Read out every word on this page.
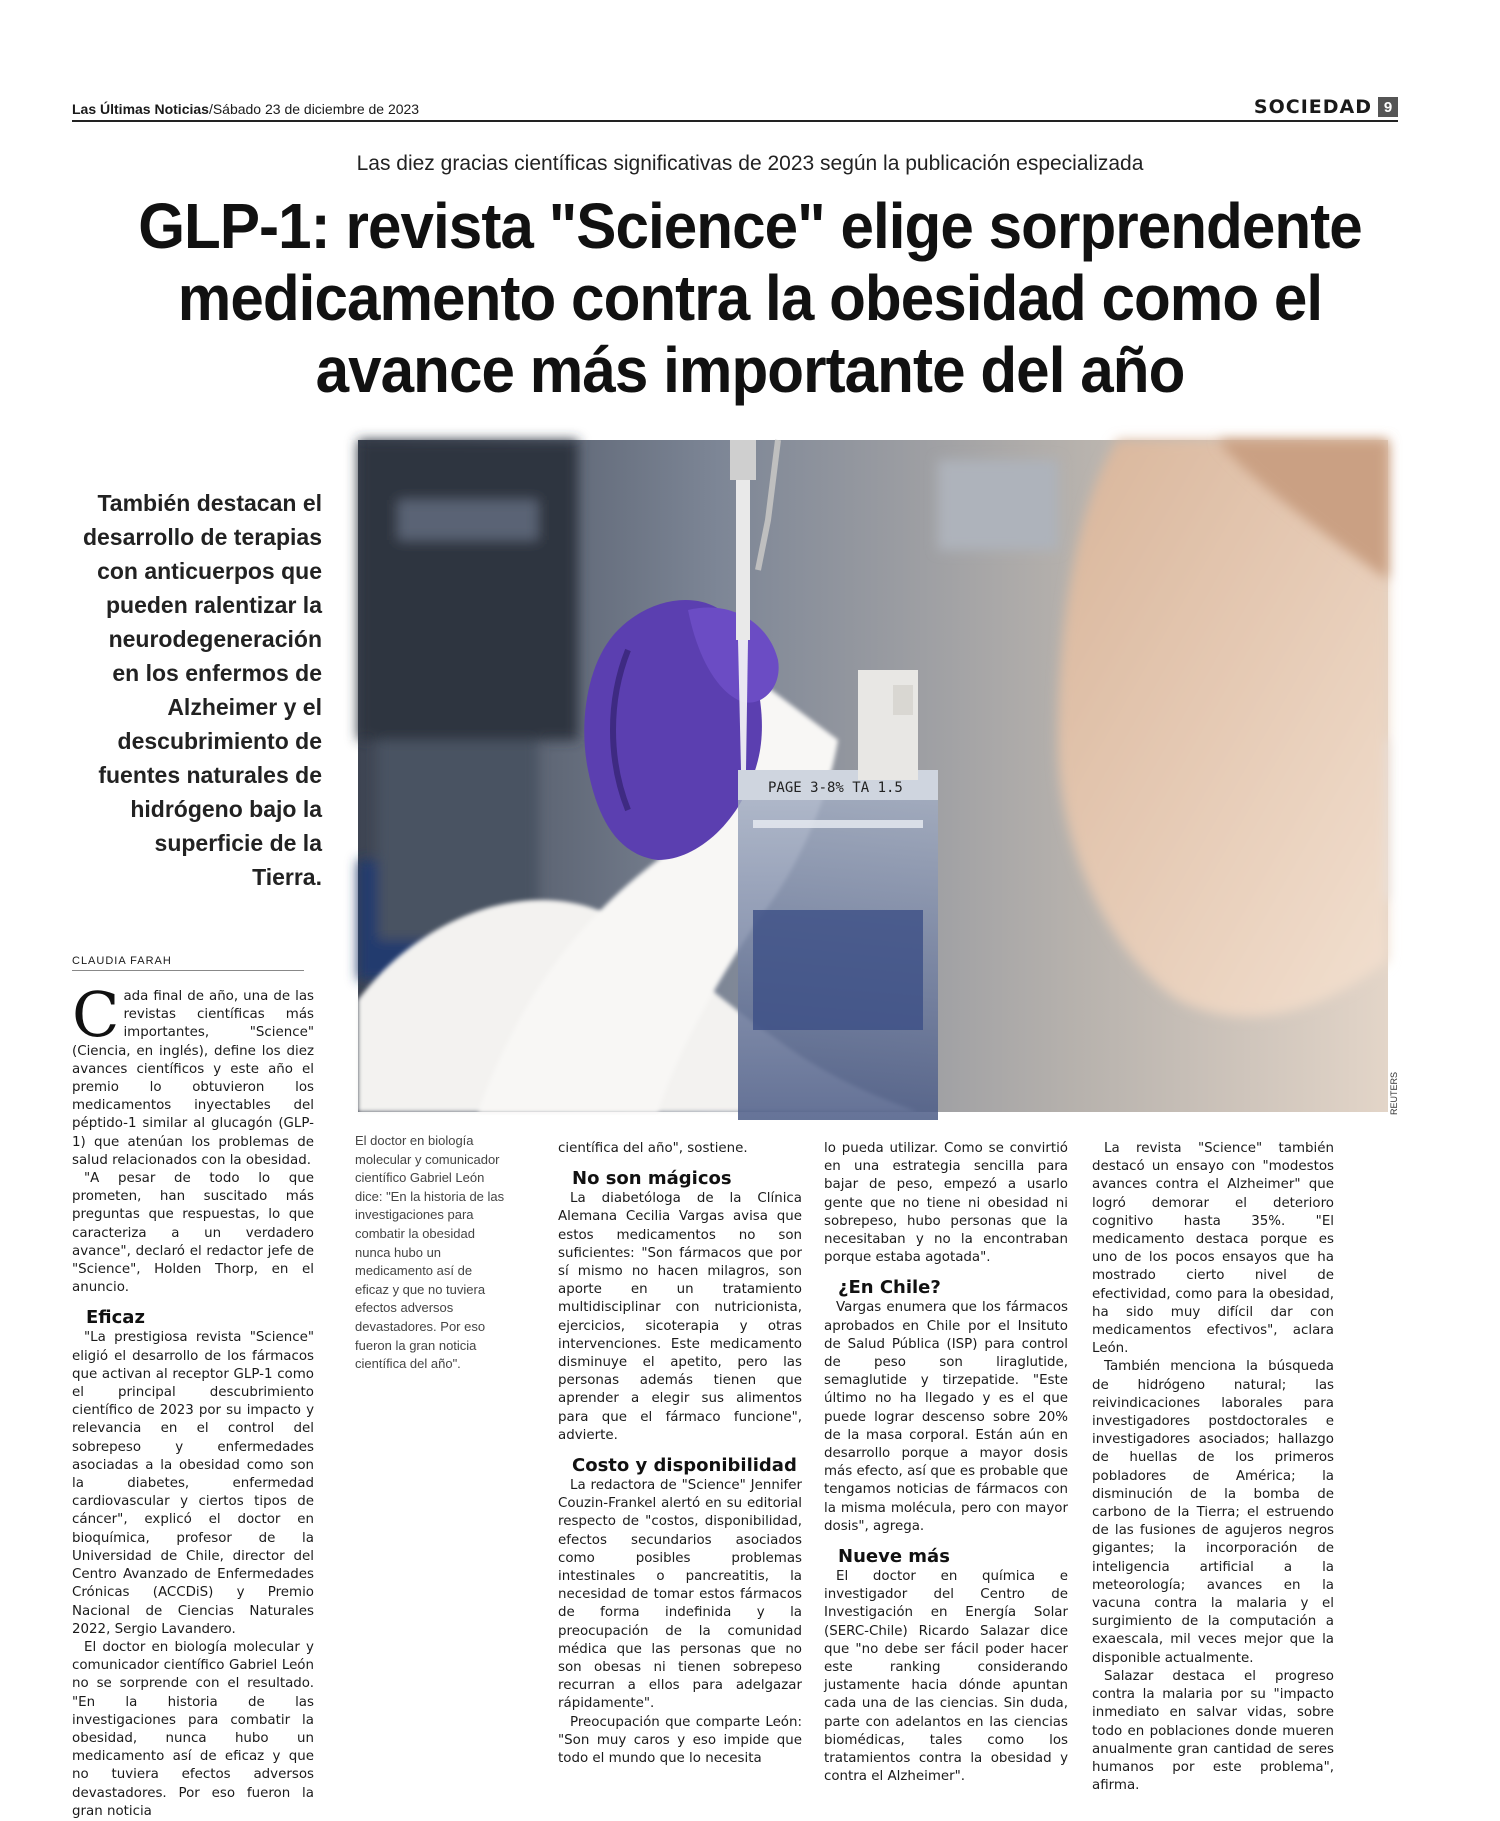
Las Últimas Noticias/Sábado 23 de diciembre de 2023	SOCIEDAD 9
Las diez gracias científicas significativas de 2023 según la publicación especializada
GLP-1: revista "Science" elige sorprendente medicamento contra la obesidad como el avance más importante del año
También destacan el desarrollo de terapias con anticuerpos que pueden ralentizar la neurodegeneración en los enfermos de Alzheimer y el descubrimiento de fuentes naturales de hidrógeno bajo la superficie de la Tierra.
PAGE 3-8% TA 1.5
REUTERS
CLAUDIA FARAH

Cada final de año, una de las revistas científicas más importantes, "Science" (Ciencia, en inglés), define los diez avances científicos y este año el premio lo obtuvieron los medicamentos inyectables del péptido-1 similar al glucagón (GLP-1) que atenúan los problemas de salud relacionados con la obesidad.

"A pesar de todo lo que prometen, han suscitado más preguntas que respuestas, lo que caracteriza a un verdadero avance", declaró el redactor jefe de "Science", Holden Thorp, en el anuncio.

Eficaz

"La prestigiosa revista "Science" eligió el desarrollo de los fármacos que activan al receptor GLP-1 como el principal descubrimiento científico de 2023 por su impacto y relevancia en el control del sobrepeso y enfermedades asociadas a la obesidad como son la diabetes, enfermedad cardiovascular y ciertos tipos de cáncer", explicó el doctor en bioquímica, profesor de la Universidad de Chile, director del Centro Avanzado de Enfermedades Crónicas (ACCDiS) y Premio Nacional de Ciencias Naturales 2022, Sergio Lavandero.

El doctor en biología molecular y comunicador científico Gabriel León no se sorprende con el resultado. "En la historia de las investigaciones para combatir la obesidad, nunca hubo un medicamento así de eficaz y que no tuviera efectos adversos devastadores. Por eso fueron la gran noticia

El doctor en biología molecular y comunicador científico Gabriel León dice: "En la historia de las investigaciones para combatir la obesidad nunca hubo un medicamento así de eficaz y que no tuviera efectos adversos devastadores. Por eso fueron la gran noticia científica del año".

científica del año", sostiene.

No son mágicos

La diabetóloga de la Clínica Alemana Cecilia Vargas avisa que estos medicamentos no son suficientes: "Son fármacos que por sí mismo no hacen milagros, son aporte en un tratamiento multidisciplinar con nutricionista, ejercicios, sicoterapia y otras intervenciones. Este medicamento disminuye el apetito, pero las personas además tienen que aprender a elegir sus alimentos para que el fármaco funcione", advierte.

Costo y disponibilidad

La redactora de "Science" Jennifer Couzin-Frankel alertó en su editorial respecto de "costos, disponibilidad, efectos secundarios asociados como posibles problemas intestinales o pancreatitis, la necesidad de tomar estos fármacos de forma indefinida y la preocupación de la comunidad médica que las personas que no son obesas ni tienen sobrepeso recurran a ellos para adelgazar rápidamente".

Preocupación que comparte León: "Son muy caros y eso impide que todo el mundo que lo necesita

lo pueda utilizar. Como se convirtió en una estrategia sencilla para bajar de peso, empezó a usarlo gente que no tiene ni obesidad ni sobrepeso, hubo personas que la necesitaban y no la encontraban porque estaba agotada".

¿En Chile?

Vargas enumera que los fármacos aprobados en Chile por el Insituto de Salud Pública (ISP) para control de peso son liraglutide, semaglutide y tirzepatide. "Este último no ha llegado y es el que puede lograr descenso sobre 20% de la masa corporal. Están aún en desarrollo porque a mayor dosis más efecto, así que es probable que tengamos noticias de fármacos con la misma molécula, pero con mayor dosis", agrega.

Nueve más

El doctor en química e investigador del Centro de Investigación en Energía Solar (SERC-Chile) Ricardo Salazar dice que "no debe ser fácil poder hacer este ranking considerando justamente hacia dónde apuntan cada una de las ciencias. Sin duda, parte con adelantos en las ciencias biomédicas, tales como los tratamientos contra la obesidad y contra el Alzheimer".

La revista "Science" también destacó un ensayo con "modestos avances contra el Alzheimer" que logró demorar el deterioro cognitivo hasta 35%. "El medicamento destaca porque es uno de los pocos ensayos que ha mostrado cierto nivel de efectividad, como para la obesidad, ha sido muy difícil dar con medicamentos efectivos", aclara León.

También menciona la búsqueda de hidrógeno natural; las reivindicaciones laborales para investigadores postdoctorales e investigadores asociados; hallazgo de huellas de los primeros pobladores de América; la disminución de la bomba de carbono de la Tierra; el estruendo de las fusiones de agujeros negros gigantes; la incorporación de inteligencia artificial a la meteorología; avances en la vacuna contra la malaria y el surgimiento de la computación a exaescala, mil veces mejor que la disponible actualmente.

Salazar destaca el progreso contra la malaria por su "impacto inmediato en salvar vidas, sobre todo en poblaciones donde mueren anualmente gran cantidad de seres humanos por este problema", afirma.
